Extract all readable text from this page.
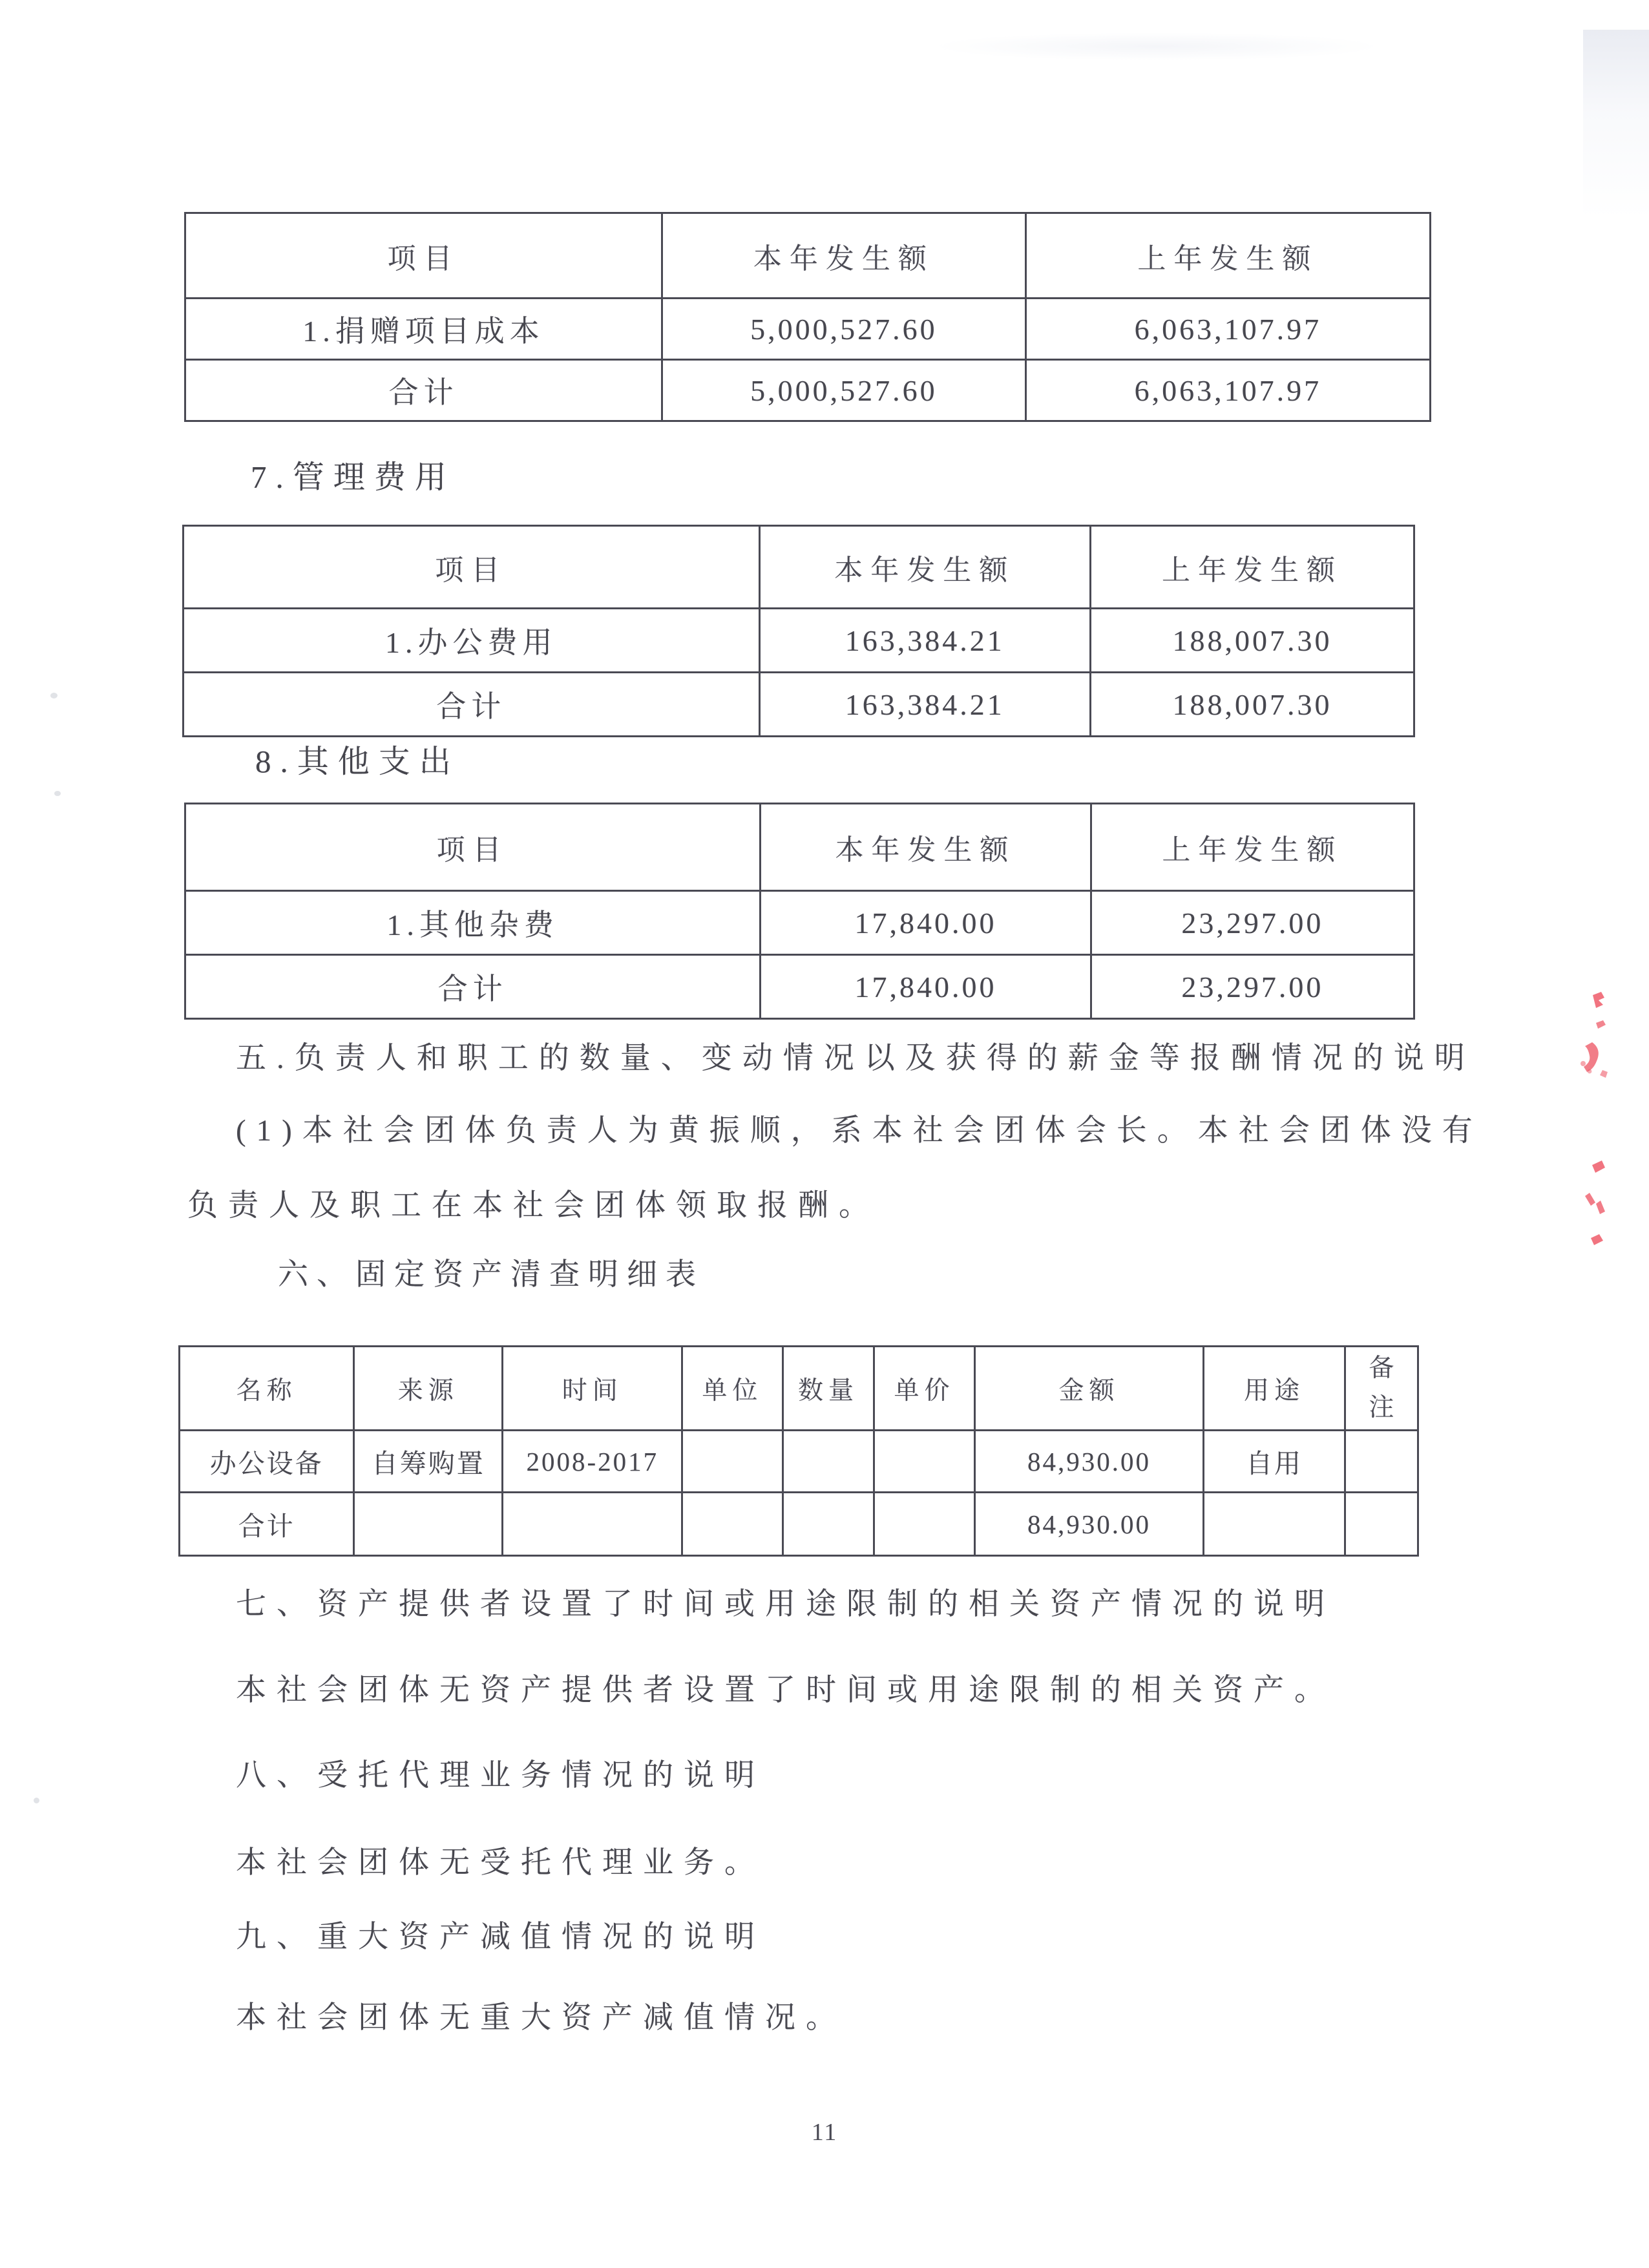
项目	本年发生额	上年发生额
1.捐赠项目成本	5,000,527.60	6,063,107.97
合计	5,000,527.60	6,063,107.97
7.管理费用
项目	本年发生额	上年发生额
1.办公费用	163,384.21	188,007.30
合计	163,384.21	188,007.30
8.其他支出
项目	本年发生额	上年发生额
1.其他杂费	17,840.00	23,297.00
合计	17,840.00	23,297.00
五.负责人和职工的数量、变动情况以及获得的薪金等报酬情况的说明
(1)本社会团体负责人为黄振顺，系本社会团体会长。本社会团体没有
负责人及职工在本社会团体领取报酬。
六、固定资产清查明细表
名称	来源	时间	单位	数量	单价	金额	用途	备注
办公设备	自筹购置	2008-2017				84,930.00	自用	
合计						84,930.00		
七、资产提供者设置了时间或用途限制的相关资产情况的说明
本社会团体无资产提供者设置了时间或用途限制的相关资产。
八、受托代理业务情况的说明
本社会团体无受托代理业务。
九、重大资产减值情况的说明
本社会团体无重大资产减值情况。
11
